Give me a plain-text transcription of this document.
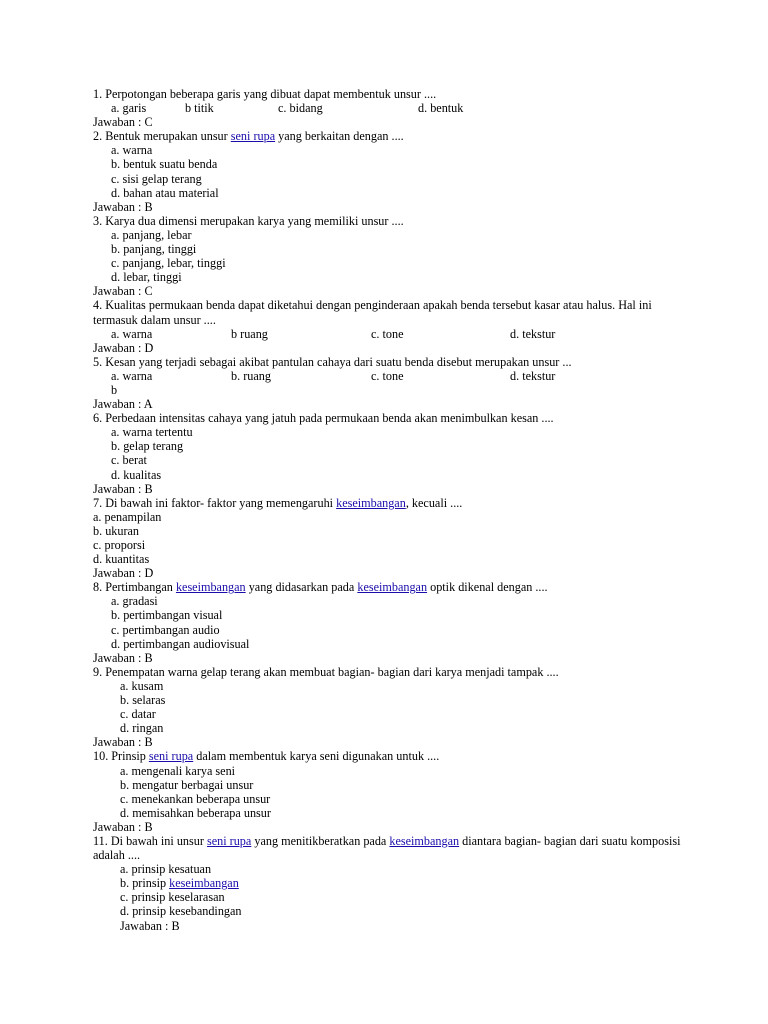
1. Perpotongan beberapa garis yang dibuat dapat membentuk unsur ....
a. garis	b titik	c. bidang	d. bentuk
Jawaban : C
2. Bentuk merupakan unsur seni rupa yang berkaitan dengan ....
a. warna
b. bentuk suatu benda
c. sisi gelap terang
d. bahan atau material
Jawaban : B
3. Karya dua dimensi merupakan karya yang memiliki unsur ....
a. panjang, lebar
b. panjang, tinggi
c. panjang, lebar, tinggi
d. lebar, tinggi
Jawaban : C
4. Kualitas permukaan benda dapat diketahui dengan penginderaan apakah benda tersebut kasar atau halus. Hal ini termasuk dalam unsur ....
a. warna	b ruang	c. tone	d. tekstur
Jawaban : D
5. Kesan yang terjadi sebagai akibat pantulan cahaya dari suatu benda disebut merupakan unsur ...
a. warna	b. ruang	c. tone	d. tekstur
b
Jawaban : A
6. Perbedaan intensitas cahaya yang jatuh pada permukaan benda akan menimbulkan kesan ....
a. warna tertentu
b. gelap terang
c. berat
d. kualitas
Jawaban : B
7. Di bawah ini faktor- faktor yang memengaruhi keseimbangan, kecuali ....
a. penampilan
b. ukuran
c. proporsi
d. kuantitas
Jawaban : D
8. Pertimbangan keseimbangan yang didasarkan pada keseimbangan optik dikenal dengan ....
a. gradasi
b. pertimbangan visual
c. pertimbangan audio
d. pertimbangan audiovisual
Jawaban : B
9. Penempatan warna gelap terang akan membuat bagian- bagian dari karya menjadi tampak ....
a. kusam
b. selaras
c. datar
d. ringan
Jawaban : B
10. Prinsip seni rupa dalam membentuk karya seni digunakan untuk ....
a. mengenali karya seni
b. mengatur berbagai unsur
c. menekankan beberapa unsur
d. memisahkan beberapa unsur
Jawaban : B
11. Di bawah ini unsur seni rupa yang menitikberatkan pada keseimbangan diantara bagian- bagian dari suatu komposisi adalah ....
a. prinsip kesatuan
b. prinsip keseimbangan
c. prinsip keselarasan
d. prinsip kesebandingan
Jawaban : B
